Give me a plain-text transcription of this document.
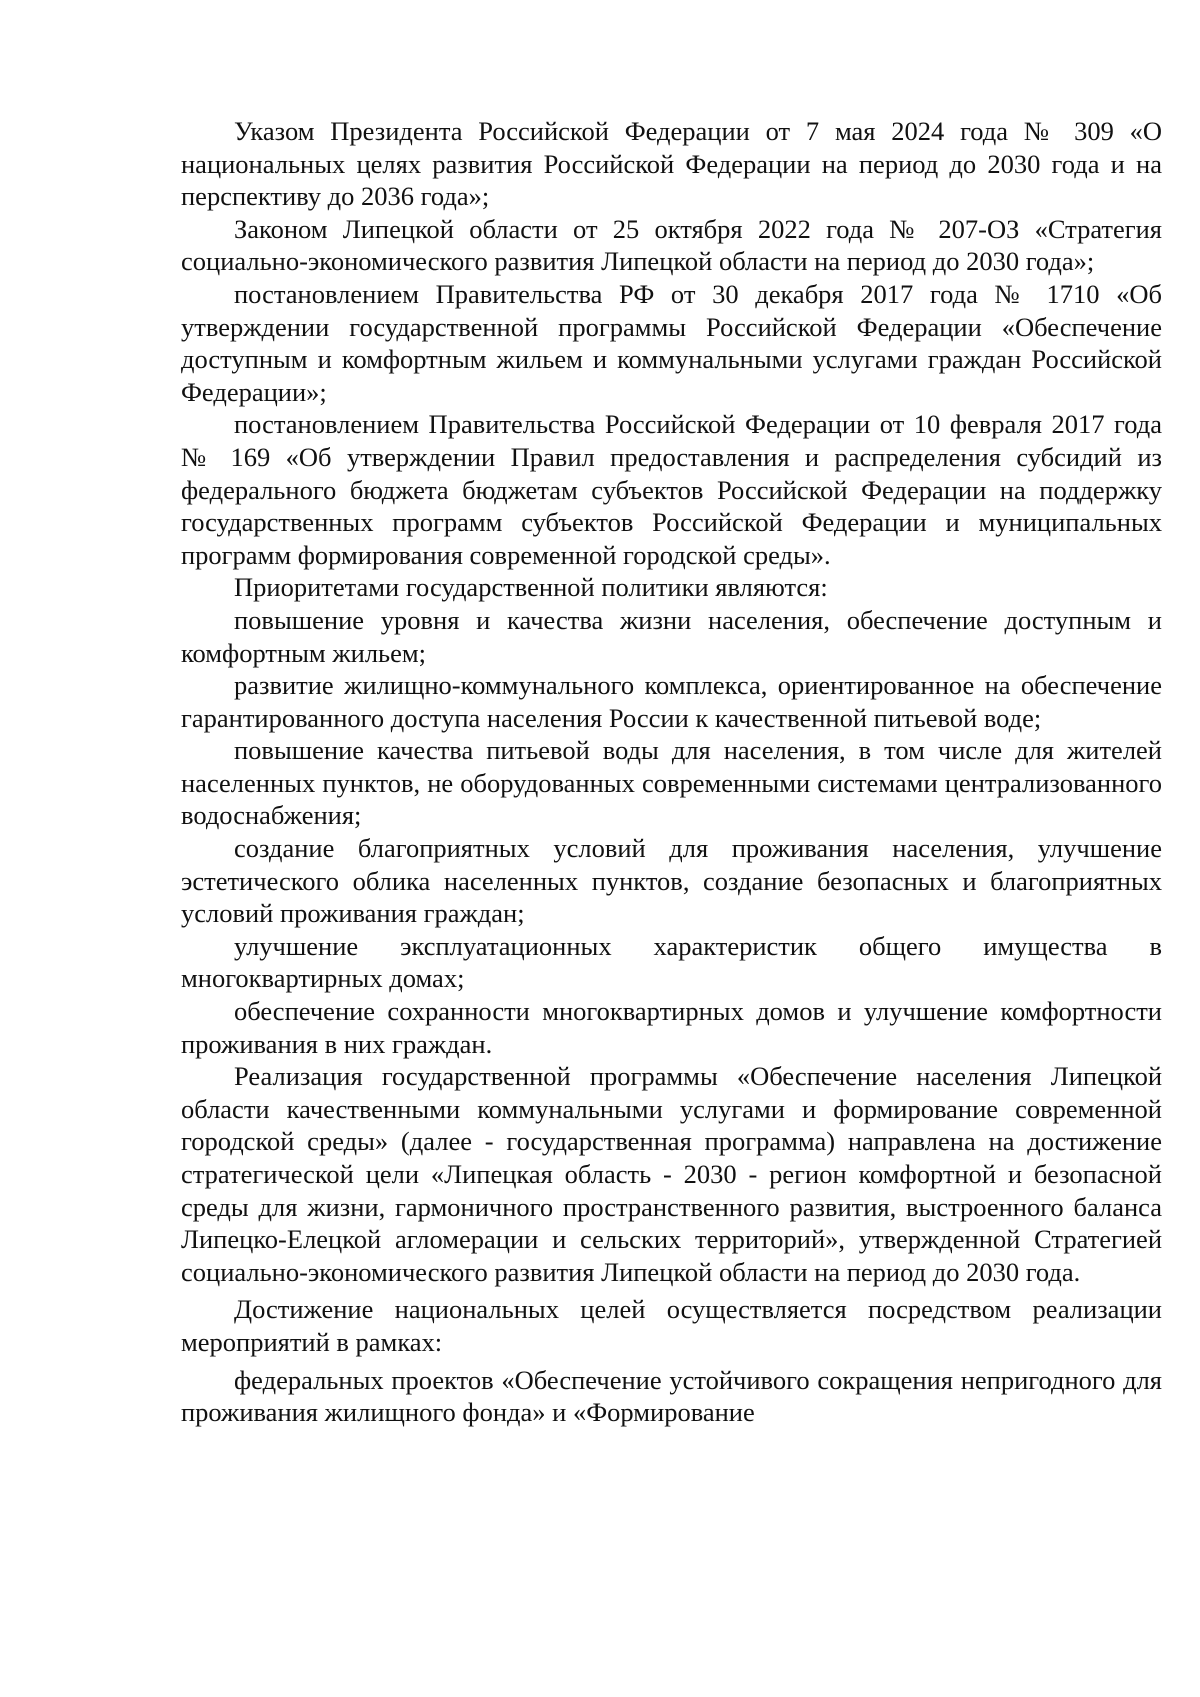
Указом Президента Российской Федерации от 7 мая 2024 года № 309 «О национальных целях развития Российской Федерации на период до 2030 года и на перспективу до 2036 года»;

Законом Липецкой области от 25 октября 2022 года № 207-ОЗ «Стратегия социально-экономического развития Липецкой области на период до 2030 года»;

постановлением Правительства РФ от 30 декабря 2017 года № 1710 «Об утверждении государственной программы Российской Федерации «Обеспечение доступным и комфортным жильем и коммунальными услугами граждан Российской Федерации»;

постановлением Правительства Российской Федерации от 10 февраля 2017 года № 169 «Об утверждении Правил предоставления и распределения субсидий из федерального бюджета бюджетам субъектов Российской Федерации на поддержку государственных программ субъектов Российской Федерации и муниципальных программ формирования современной городской среды».

Приоритетами государственной политики являются:

повышение уровня и качества жизни населения, обеспечение доступным и комфортным жильем;

развитие жилищно-коммунального комплекса, ориентированное на обеспечение гарантированного доступа населения России к качественной питьевой воде;

повышение качества питьевой воды для населения, в том числе для жителей населенных пунктов, не оборудованных современными системами централизованного водоснабжения;

создание благоприятных условий для проживания населения, улучшение эстетического облика населенных пунктов, создание безопасных и благоприятных условий проживания граждан;

улучшение эксплуатационных характеристик общего имущества в многоквартирных домах;

обеспечение сохранности многоквартирных домов и улучшение комфортности проживания в них граждан.

Реализация государственной программы «Обеспечение населения Липецкой области качественными коммунальными услугами и формирование современной городской среды» (далее - государственная программа) направлена на достижение стратегической цели «Липецкая область - 2030 - регион комфортной и безопасной среды для жизни, гармоничного пространственного развития, выстроенного баланса Липецко-Елецкой агломерации и сельских территорий», утвержденной Стратегией социально-экономического развития Липецкой области на период до 2030 года.

Достижение национальных целей осуществляется посредством реализации мероприятий в рамках:

федеральных проектов «Обеспечение устойчивого сокращения непригодного для проживания жилищного фонда» и «Формирование
